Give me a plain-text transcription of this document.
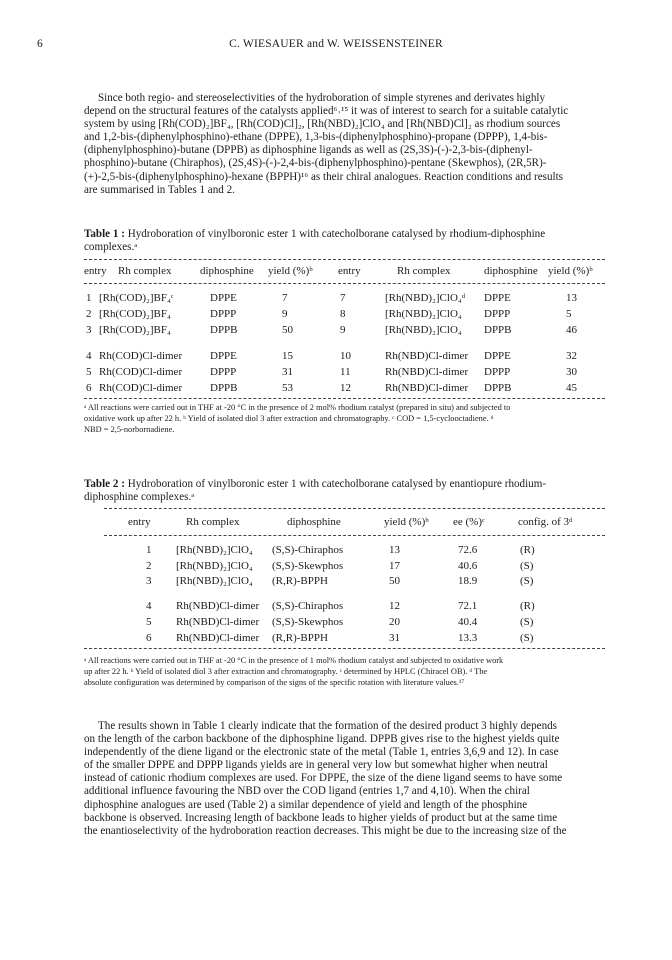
6	C. WIESAUER and W. WEISSENSTEINER
Since both regio- and stereoselectivities of the hydroboration of simple styrenes and derivates highly
depend on the structural features of the catalysts applied⁶˒¹⁵ it was of interest to search for a suitable catalytic
system by using [Rh(COD)₂]BF₄, [Rh(COD)Cl]₂, [Rh(NBD)₂]ClO₄ and [Rh(NBD)Cl]₂ as rhodium sources
and 1,2-bis-(diphenylphosphino)-ethane (DPPE), 1,3-bis-(diphenylphosphino)-propane (DPPP), 1,4-bis-
(diphenylphosphino)-butane (DPPB) as diphosphine ligands as well as (2S,3S)-(-)-2,3-bis-(diphenyl-
phosphino)-butane (Chiraphos), (2S,4S)-(-)-2,4-bis-(diphenylphosphino)-pentane (Skewphos), (2R,5R)-
(+)-2,5-bis-(diphenylphosphino)-hexane (BPPH)¹⁶ as their chiral analogues. Reaction conditions and results
are summarised in Tables 1 and 2.
Table 1 : Hydroboration of vinylboronic ester 1 with catecholborane catalysed by rhodium-diphosphine
complexes.ᵃ
entry Rh complex	diphosphine yield (%)ᵇ entry	Rh complex	diphosphine yield (%)ᵇ
1 [Rh(COD)₂]BF₄ᶜ	DPPE	7	7	[Rh(NBD)₂]ClO₄ᵈ DPPE	13
2 [Rh(COD)₂]BF₄	DPPP	9	8	[Rh(NBD)₂]ClO₄ DPPP	5
3 [Rh(COD)₂]BF₄	DPPB	50	9	[Rh(NBD)₂]ClO₄ DPPB	46
4 Rh(COD)Cl-dimer	DPPE	15	10	Rh(NBD)Cl-dimer DPPE	32
5 Rh(COD)Cl-dimer	DPPP	31	11	Rh(NBD)Cl-dimer DPPP	30
6 Rh(COD)Cl-dimer	DPPB	53	12	Rh(NBD)Cl-dimer DPPB	45
ᵃ All reactions were carried out in THF at -20 °C in the presence of 2 mol% rhodium catalyst (prepared in situ) and subjected to
oxidative work up after 22 h. ᵇ Yield of isolated diol 3 after extraction and chromatography. ᶜ COD = 1,5-cyclooctadiene. ᵈ
NBD = 2,5-norbornadiene.
Table 2 : Hydroboration of vinylboronic ester 1 with catecholborane catalysed by enantiopure rhodium-
diphosphine complexes.ᵃ
entry	Rh complex	diphosphine	yield (%)ᵇ ee (%)ᶜ	config. of 3ᵈ
1 [Rh(NBD)₂]ClO₄ (S,S)-Chiraphos	13	72.6	(R)
2 [Rh(NBD)₂]ClO₄ (S,S)-Skewphos	17	40.6	(S)
3 [Rh(NBD)₂]ClO₄ (R,R)-BPPH	50	18.9	(S)
4 Rh(NBD)Cl-dimer (S,S)-Chiraphos	12	72.1	(R)
5 Rh(NBD)Cl-dimer (S,S)-Skewphos	20	40.4	(S)
6 Rh(NBD)Cl-dimer (R,R)-BPPH	31	13.3	(S)
ᵃ All reactions were carried out in THF at -20 °C in the presence of 1 mol% rhodium catalyst and subjected to oxidative work
up after 22 h. ᵇ Yield of isolated diol 3 after extraction and chromatography. ᶜ determined by HPLC (Chiracel OB). ᵈ The
absolute configuration was determined by comparison of the signs of the specific rotation with literature values.¹⁷
The results shown in Table 1 clearly indicate that the formation of the desired product 3 highly depends
on the length of the carbon backbone of the diphosphine ligand. DPPB gives rise to the highest yields quite
independently of the diene ligand or the electronic state of the metal (Table 1, entries 3,6,9 and 12). In case
of the smaller DPPE and DPPP ligands yields are in general very low but somewhat higher when neutral
instead of cationic rhodium complexes are used. For DPPE, the size of the diene ligand seems to have some
additional influence favouring the NBD over the COD ligand (entries 1,7 and 4,10). When the chiral
diphosphine analogues are used (Table 2) a similar dependence of yield and length of the phosphine
backbone is observed. Increasing length of backbone leads to higher yields of product but at the same time
the enantioselectivity of the hydroboration reaction decreases. This might be due to the increasing size of the
